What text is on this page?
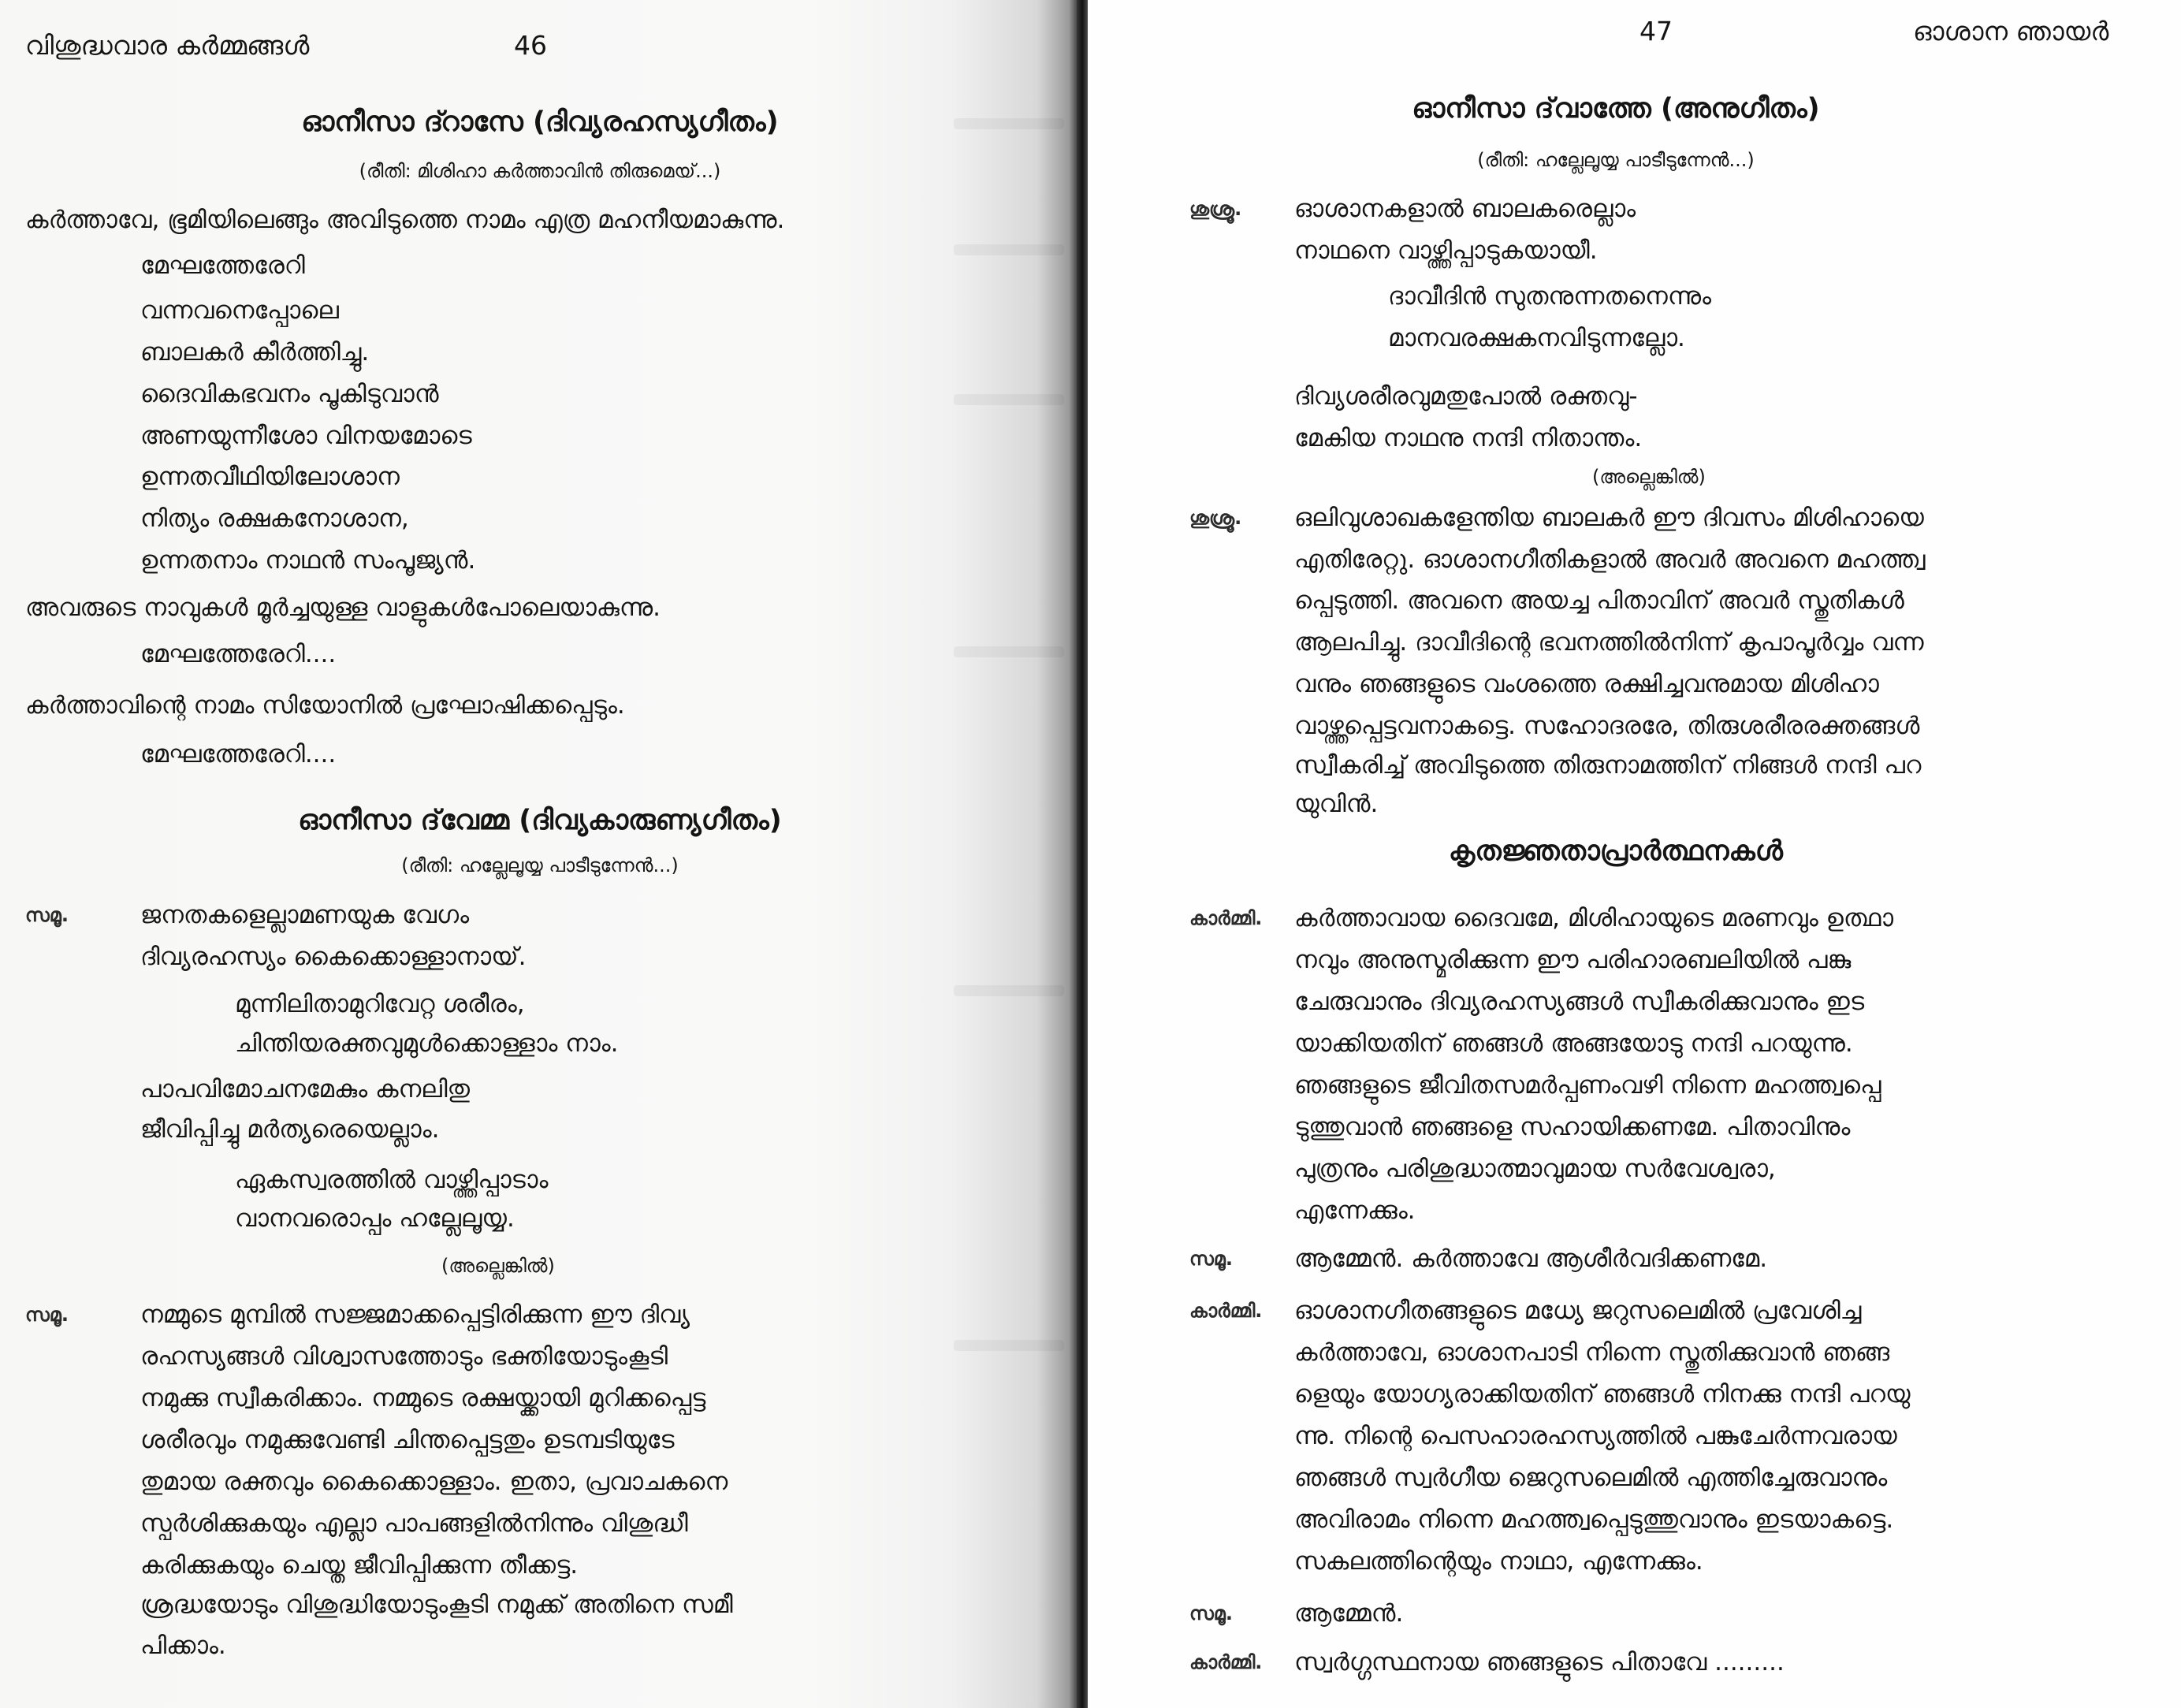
വിശുദ്ധവാര കർമ്മങ്ങൾ	46
ഓനീസാ ദ്റാസേ (ദിവ്യരഹസ്യഗീതം)
(രീതി: മിശിഹാ കർത്താവിൻ തിരുമെയ്...)
കർത്താവേ, ഭൂമിയിലെങ്ങും അവിടുത്തെ നാമം എത്ര മഹനീയമാകുന്നു.
മേഘത്തേരേറി
വന്നവനെപ്പോലെ
ബാലകർ കീർത്തിച്ചു.
ദൈവികഭവനം പൂകിടുവാൻ
അണയുന്നീശോ വിനയമോടെ
ഉന്നതവീഥിയിലോശാന
നിത്യം രക്ഷകനോശാന,
ഉന്നതനാം നാഥൻ സംപൂജ്യൻ.
അവരുടെ നാവുകൾ മൂർച്ചയുള്ള വാളുകൾപോലെയാകുന്നു.
മേഘത്തേരേറി....
കർത്താവിന്റെ നാമം സിയോനിൽ പ്രഘോഷിക്കപ്പെടും.
മേഘത്തേരേറി....
ഓനീസാ ദ്‌വേമ്മ (ദിവ്യകാരുണ്യഗീതം)
(രീതി: ഹല്ലേലൂയ്യ പാടീടുന്നേൻ...)
സമൂ.	ജനതകളെല്ലാമണയുക വേഗം
ദിവ്യരഹസ്യം കൈക്കൊള്ളാനായ്.
മുന്നിലിതാമുറിവേറ്റ ശരീരം,
ചിന്തിയരക്തവുമുൾക്കൊള്ളാം നാം.
പാപവിമോചനമേകും കനലിതു
ജീവിപ്പിച്ചു മർത്യരെയെല്ലാം.
ഏകസ്വരത്തിൽ വാഴ്ത്തിപ്പാടാം
വാനവരൊപ്പം ഹല്ലേലൂയ്യ.
(അല്ലെങ്കിൽ)
സമൂ.	നമ്മുടെ മുമ്പിൽ സജ്ജമാക്കപ്പെട്ടിരിക്കുന്ന ഈ ദിവ്യ
രഹസ്യങ്ങൾ വിശ്വാസത്തോടും ഭക്തിയോടുംകൂടി
നമുക്കു സ്വീകരിക്കാം. നമ്മുടെ രക്ഷയ്ക്കായി മുറിക്കപ്പെട്ട
ശരീരവും നമുക്കുവേണ്ടി ചിന്തപ്പെട്ടതും ഉടമ്പടിയുടേ
തുമായ രക്തവും കൈക്കൊള്ളാം. ഇതാ, പ്രവാചകനെ
സ്പർശിക്കുകയും എല്ലാ പാപങ്ങളിൽനിന്നും വിശുദ്ധീ
കരിക്കുകയും ചെയ്ത ജീവിപ്പിക്കുന്ന തീക്കട്ട.
ശ്രദ്ധയോടും വിശുദ്ധിയോടുംകൂടി നമുക്ക് അതിനെ സമീ
പിക്കാം.
47	ഓശാന ഞായർ
ഓനീസാ ദ്‌വാത്തേ (അനുഗീതം)
(രീതി: ഹല്ലേലൂയ്യ പാടീടുന്നേൻ...)
ശുശ്രൂ. ഓശാനകളാൽ ബാലകരെല്ലാം
നാഥനെ വാഴ്ത്തിപ്പാടുകയായീ.
ദാവീദിൻ സുതനുന്നതനെന്നും
മാനവരക്ഷകനവിടുന്നല്ലോ.
ദിവ്യശരീരവുമതുപോൽ രക്തവു-
മേകിയ നാഥനു നന്ദി നിതാന്തം.
(അല്ലെങ്കിൽ)
ശുശ്രൂ. ഒലിവുശാഖകളേന്തിയ ബാലകർ ഈ ദിവസം മിശിഹായെ
എതിരേറ്റു. ഓശാനഗീതികളാൽ അവർ അവനെ മഹത്ത്വ
പ്പെടുത്തി. അവനെ അയച്ച പിതാവിന് അവർ സ്തുതികൾ
ആലപിച്ചു. ദാവീദിന്റെ ഭവനത്തിൽനിന്ന് കൃപാപൂർവ്വം വന്ന
വനും ഞങ്ങളുടെ വംശത്തെ രക്ഷിച്ചവനുമായ മിശിഹാ
വാഴ്ത്തപ്പെട്ടവനാകട്ടെ. സഹോദരരേ, തിരുശരീരരക്തങ്ങൾ
സ്വീകരിച്ച് അവിടുത്തെ തിരുനാമത്തിന് നിങ്ങൾ നന്ദി പറ
യുവിൻ.
കൃതജ്ഞതാപ്രാർത്ഥനകൾ
കാർമ്മി. കർത്താവായ ദൈവമേ, മിശിഹായുടെ മരണവും ഉത്ഥാ
നവും അനുസ്മരിക്കുന്ന ഈ പരിഹാരബലിയിൽ പങ്കു
ചേരുവാനും ദിവ്യരഹസ്യങ്ങൾ സ്വീകരിക്കുവാനും ഇട
യാക്കിയതിന് ഞങ്ങൾ അങ്ങയോടു നന്ദി പറയുന്നു.
ഞങ്ങളുടെ ജീവിതസമർപ്പണംവഴി നിന്നെ മഹത്ത്വപ്പെ
ടുത്തുവാൻ ഞങ്ങളെ സഹായിക്കണമേ. പിതാവിനും
പുത്രനും പരിശുദ്ധാത്മാവുമായ സർവേശ്വരാ,
എന്നേക്കും.
സമൂ.	ആമ്മേൻ. കർത്താവേ ആശീർവദിക്കണമേ.
കാർമ്മി. ഓശാനഗീതങ്ങളുടെ മധ്യേ ജറുസലെമിൽ പ്രവേശിച്ച
കർത്താവേ, ഓശാനപാടി നിന്നെ സ്തുതിക്കുവാൻ ഞങ്ങ
ളെയും യോഗ്യരാക്കിയതിന് ഞങ്ങൾ നിനക്കു നന്ദി പറയു
ന്നു. നിന്റെ പെസഹാരഹസ്യത്തിൽ പങ്കുചേർന്നവരായ
ഞങ്ങൾ സ്വർഗീയ ജെറുസലെമിൽ എത്തിച്ചേരുവാനും
അവിരാമം നിന്നെ മഹത്ത്വപ്പെടുത്തുവാനും ഇടയാകട്ടെ.
സകലത്തിന്റെയും നാഥാ, എന്നേക്കും.
സമൂ.	ആമ്മേൻ.
കാർമ്മി. സ്വർഗ്ഗസ്ഥനായ ഞങ്ങളുടെ പിതാവേ .........
